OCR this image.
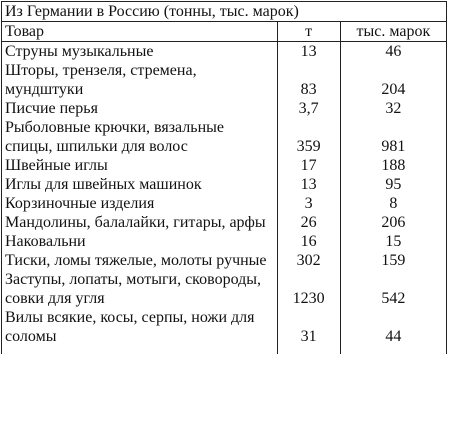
Из Германии в Россию (тонны, тыс. марок)		
Товар	т	тыс. марок
Струны музыкальные	13	46
Шторы, трензеля, стремена, мундштуки	83	204
Писчие перья	3,7	32
Рыболовные крючки, вязальные спицы, шпильки для волос	359	981
Швейные иглы	17	188
Иглы для швейных машинок	13	95
Корзиночные изделия	3	8
Мандолины, балалайки, гитары, арфы	26	206
Наковальни	16	15
Тиски, ломы тяжелые, молоты ручные	302	159
Заступы, лопаты, мотыги, сковороды, совки для угля	1230	542
Вилы всякие, косы, серпы, ножи для соломы	31	44
